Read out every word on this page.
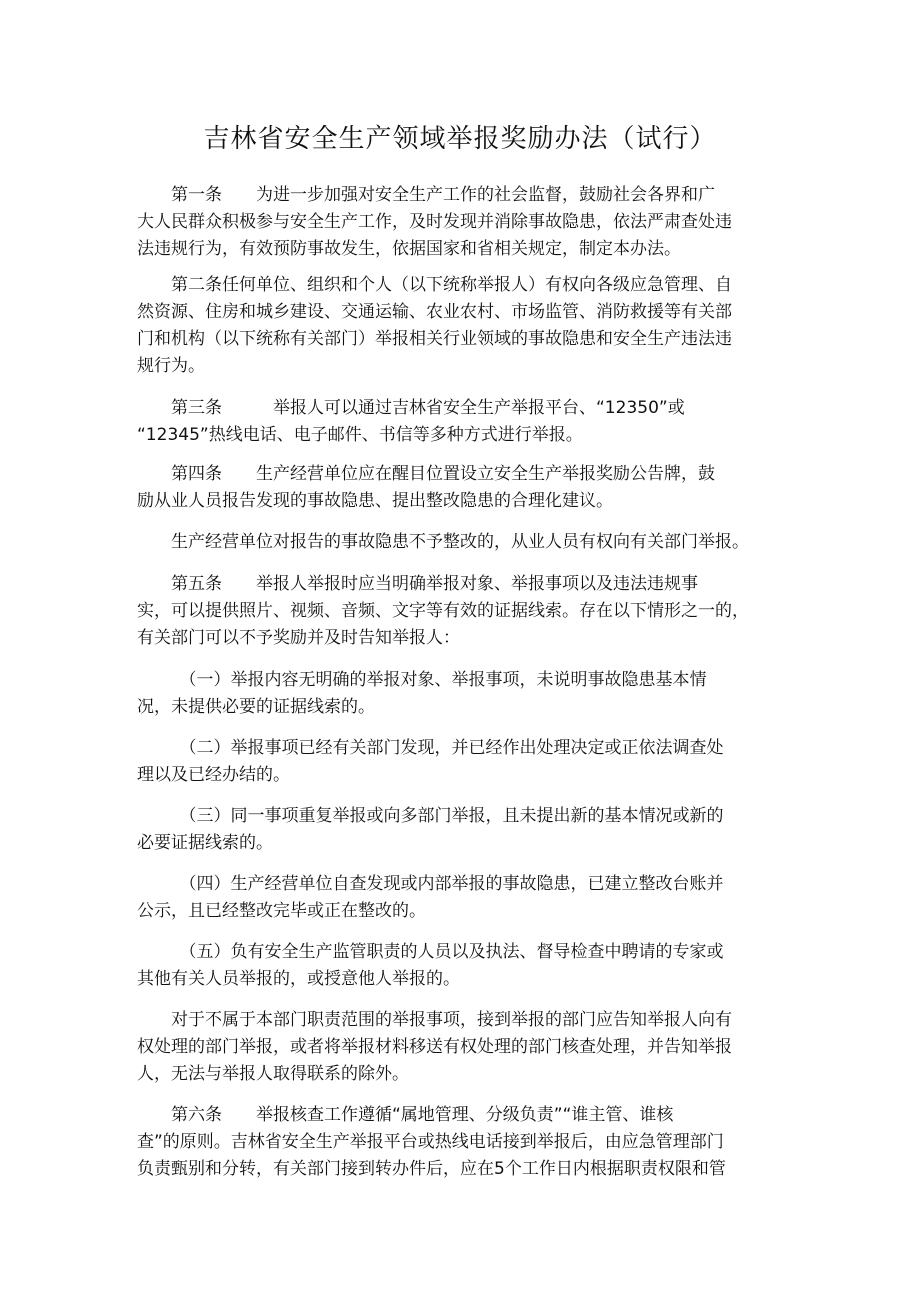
吉林省安全生产领域举报奖励办法（试行）
　　第一条　　为进一步加强对安全生产工作的社会监督，鼓励社会各界和广
大人民群众积极参与安全生产工作，及时发现并消除事故隐患，依法严肃查处违
法违规行为，有效预防事故发生，依据国家和省相关规定，制定本办法。
　　第二条任何单位、组织和个人（以下统称举报人）有权向各级应急管理、自
然资源、住房和城乡建设、交通运输、农业农村、市场监管、消防救援等有关部
门和机构（以下统称有关部门）举报相关行业领域的事故隐患和安全生产违法违
规行为。
　　第三条　　　举报人可以通过吉林省安全生产举报平台、“12350”或
“12345”热线电话、电子邮件、书信等多种方式进行举报。
　　第四条　　生产经营单位应在醒目位置设立安全生产举报奖励公告牌，鼓
励从业人员报告发现的事故隐患、提出整改隐患的合理化建议。
　　生产经营单位对报告的事故隐患不予整改的，从业人员有权向有关部门举报。
　　第五条　　举报人举报时应当明确举报对象、举报事项以及违法违规事
实，可以提供照片、视频、音频、文字等有效的证据线索。存在以下情形之一的，
有关部门可以不予奖励并及时告知举报人：
　　　（一）举报内容无明确的举报对象、举报事项，未说明事故隐患基本情
况，未提供必要的证据线索的。
　　　（二）举报事项已经有关部门发现，并已经作出处理决定或正依法调查处
理以及已经办结的。
　　　（三）同一事项重复举报或向多部门举报，且未提出新的基本情况或新的
必要证据线索的。
　　　（四）生产经营单位自查发现或内部举报的事故隐患，已建立整改台账并
公示，且已经整改完毕或正在整改的。
　　　（五）负有安全生产监管职责的人员以及执法、督导检查中聘请的专家或
其他有关人员举报的，或授意他人举报的。
　　对于不属于本部门职责范围的举报事项，接到举报的部门应告知举报人向有
权处理的部门举报，或者将举报材料移送有权处理的部门核查处理，并告知举报
人，无法与举报人取得联系的除外。
　　第六条　　举报核查工作遵循“属地管理、分级负责”“谁主管、谁核
查”的原则。吉林省安全生产举报平台或热线电话接到举报后，由应急管理部门
负责甄别和分转，有关部门接到转办件后，应在5个工作日内根据职责权限和管
